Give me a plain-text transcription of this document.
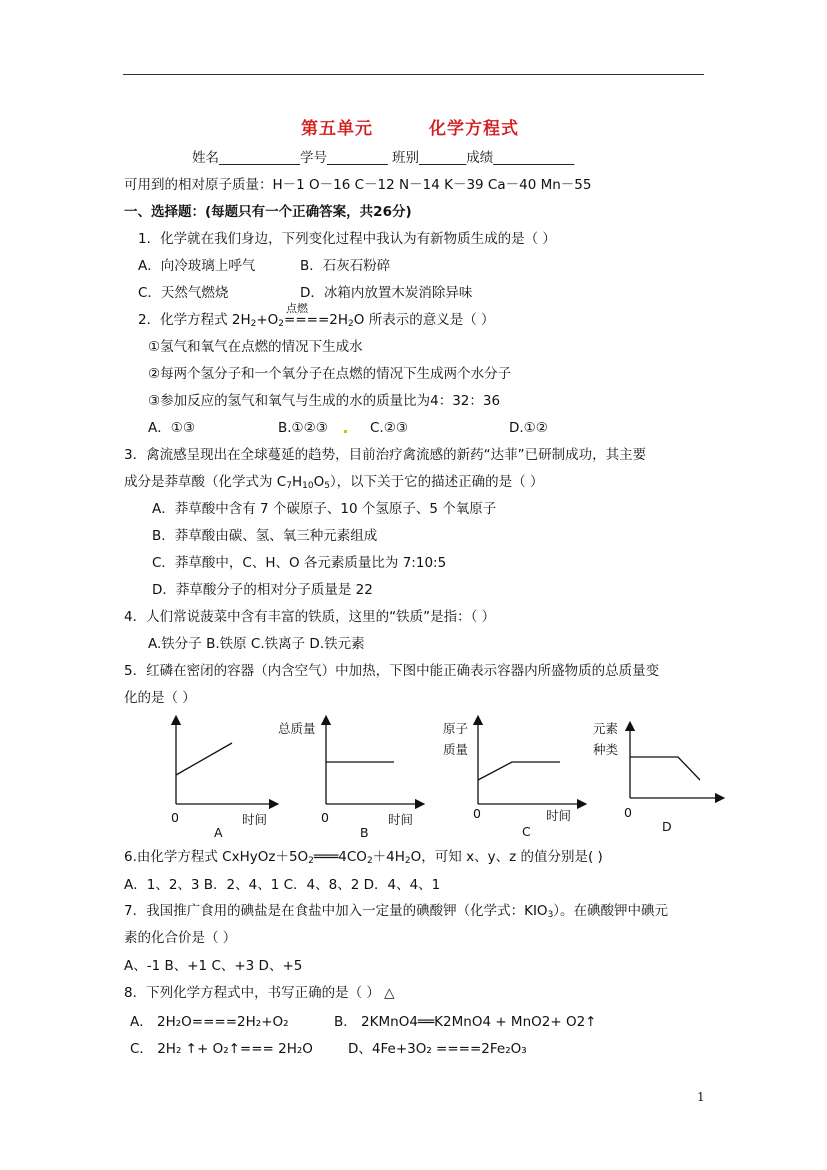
第五单元	化学方程式
姓名____________学号_________ 班别_______成绩____________
可用到的相对原子质量：H－1 O－16 C－12 N－14 K－39 Ca－40 Mn－55
一、选择题：(每题只有一个正确答案，共26分)
1．化学就在我们身边，下列变化过程中我认为有新物质生成的是（ ）
A．向冷玻璃上呼气	B．石灰石粉碎
C．天然气燃烧	D．冰箱内放置木炭消除异味
点燃
2．化学方程式 $2H_2+O_2====2H_2O$ 所表示的意义是（ ）
①氢气和氧气在点燃的情况下生成水
②每两个氢分子和一个氧分子在点燃的情况下生成两个水分子
③参加反应的氢气和氧气与生成的水的质量比为4：32：36
A．①③	B.①②③	C.②③	D.①②
3．禽流感呈现出在全球蔓延的趋势，目前治疗禽流感的新药“达菲”已研制成功，其主要
成分是莽草酸（化学式为 $C_7H_{10}O_5$），以下关于它的描述正确的是（ ）
A．莽草酸中含有 7 个碳原子、10 个氢原子、5 个氧原子
B．莽草酸由碳、氢、氧三种元素组成
C．莽草酸中，C、H、O 各元素质量比为 7:10:5
D．莽草酸分子的相对分子质量是 22
4．人们常说菠菜中含有丰富的铁质，这里的“铁质”是指：（ ）
A.铁分子 B.铁原 C.铁离子 D.铁元素
5．红磷在密闭的容器（内含空气）中加热，下图中能正确表示容器内所盛物质的总质量变
化的是（ ）
0	时间
A
总质量
0	时间
B
原子
质量
0	时间
C
元素
种类
0
D
6.由化学方程式 $CxHyOz+5O_2═══4CO_2+4H_2O$，可知 x、y、z 的值分别是( )
A．1、2、3 B．2、4、1 C．4、8、2 D．4、4、1
7．我国推广食用的碘盐是在食盐中加入一定量的碘酸钾（化学式：$KIO_3$）。在碘酸钾中碘元
素的化合价是（ ）
A、-1 B、+1 C、+3 D、+5
8．下列化学方程式中，书写正确的是（ ） △
A． 2H₂O====2H₂+O₂	B． 2KMnO4══K2MnO4 + MnO2+ O2↑
C． 2H₂ ↑+ O₂↑=== 2H₂O	D、4Fe+3O₂ ====2Fe₂O₃
1
